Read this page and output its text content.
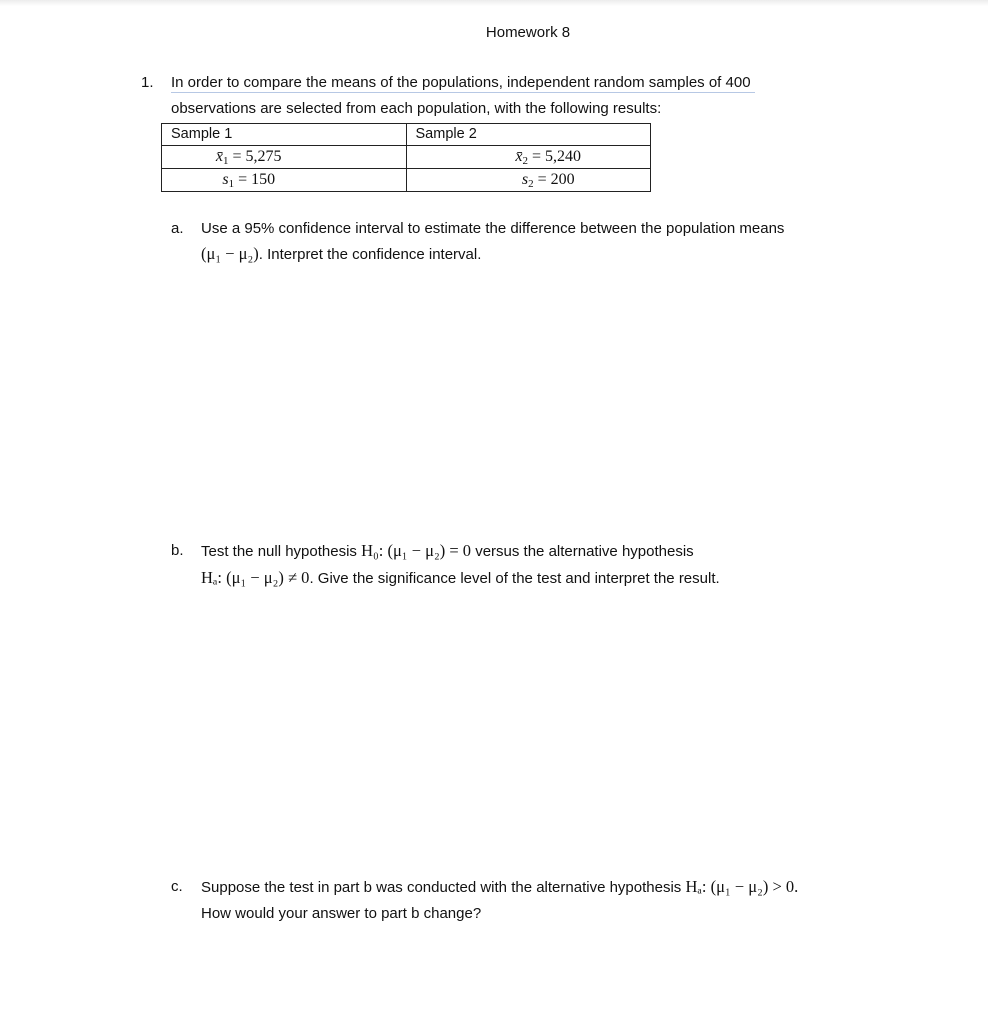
Homework 8
1. In order to compare the means of the populations, independent random samples of 400
observations are selected from each population, with the following results:
Sample 1	Sample 2

$x̄_1 = 5,275$	$x̄_2 = 5,240$

$s_1 = 150$	$s_2 = 200$
a. Use a 95% confidence interval to estimate the difference between the population means
(μ₁ − μ₂). Interpret the confidence interval.
b. Test the null hypothesis H₀: (μ₁ − μ₂) = 0 versus the alternative hypothesis
Hₐ: (μ₁ − μ₂) ≠ 0. Give the significance level of the test and interpret the result.
c. Suppose the test in part b was conducted with the alternative hypothesis Hₐ: (μ₁ − μ₂) > 0.
How would your answer to part b change?
